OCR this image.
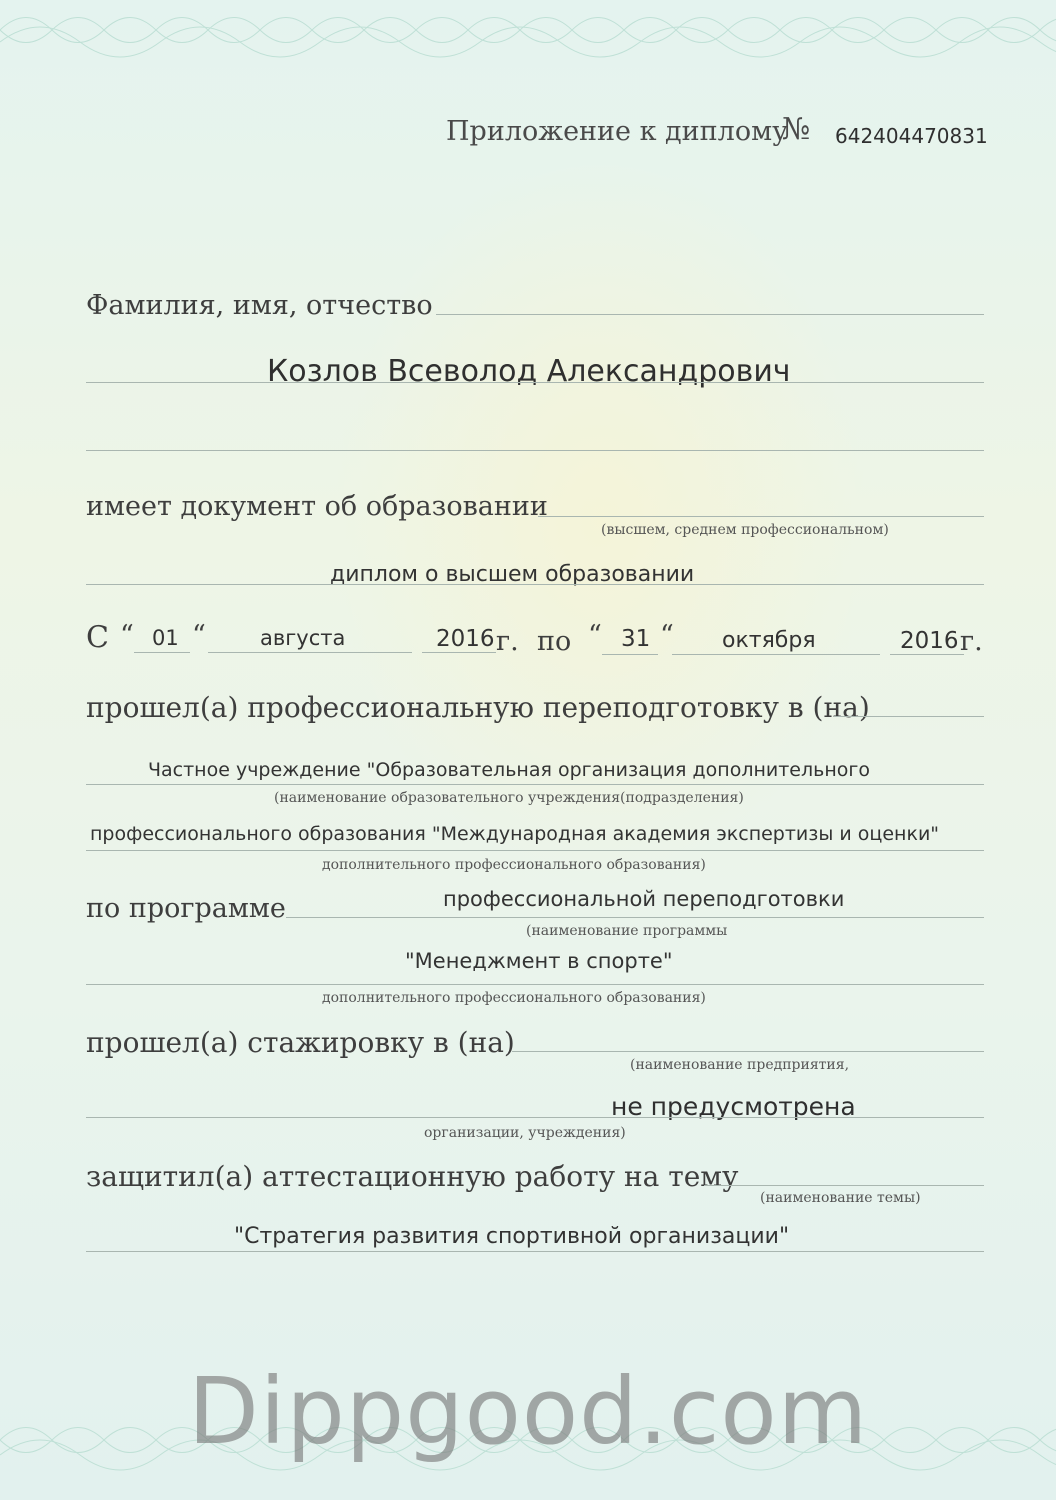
Приложение к диплому
№ 642404470831
Фамилия, имя, отчество
Козлов Всеволод Александрович
имеет документ об образовании
(высшем, среднем профессиональном)
диплом о высшем образовании
С “ 01 “	августа	2016 г. по “ 31 “ октября	2016 г.
прошел(а) профессиональную переподготовку в (на)
Частное учреждение "Образовательная организация дополнительного
(наименование образовательного учреждения(подразделения)
профессионального образования "Международная академия экспертизы и оценки"
дополнительного профессионального образования)
по программе	профессиональной переподготовки
(наименование программы
"Менеджмент в спорте"
дополнительного профессионального образования)
прошел(а) стажировку в (на)
(наименование предприятия,
не предусмотрена
организации, учреждения)
защитил(а) аттестационную работу на тему
(наименование темы)
"Стратегия развития спортивной организации"
Dippgood.com
